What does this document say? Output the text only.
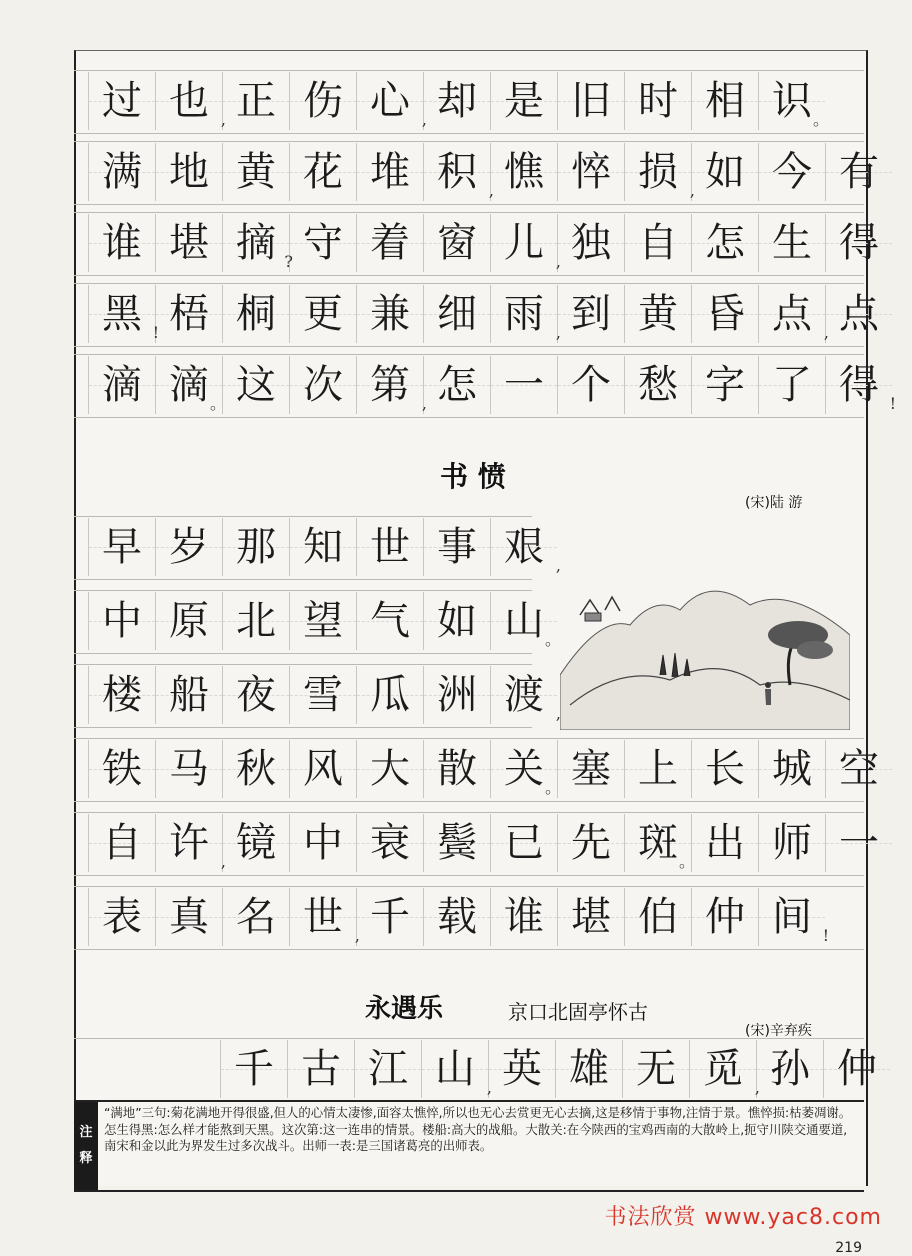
过 也 , 正 伤 心 , 却 是 旧 时 相 识 。
满 地 黄 花 堆 积 , 憔 悴 损 , 如 今 有
谁 堪 摘 ? 守 着 窗 儿 , 独 自 怎 生 得
黑 ! 梧 桐 更 兼 细 雨 , 到 黄 昏 点 , 点
滴 滴 。 这 次 第 , 怎 一 个 愁 字 了 得 !
书 愤
(宋)陆 游
早 岁 那 知 世 事 艰 ,
中 原 北 望 气 如 山 。
楼 船 夜 雪 瓜 洲 渡 ,
铁 马 秋 风 大 散 关 。 塞 上 长 城 空
自 许 , 镜 中 衰 鬓 已 先 斑 。 出 师 一
表 真 名 世 , 千 载 谁 堪 伯 仲 间 !
永遇乐	京口北固亭怀古
(宋)辛弃疾
千 古 江 山 , 英 雄 无 觅 , 孙 仲
注
释
“满地”三句:菊花满地开得很盛,但人的心情太凄惨,面容太憔悴,所以也无心去赏更无心去摘,这是移情于事物,注情于景。憔悴损:枯萎凋谢。怎生得黑:怎么样才能熬到天黑。这次第:这一连串的情景。楼船:高大的战船。大散关:在今陕西的宝鸡西南的大散岭上,扼守川陕交通要道,南宋和金以此为界发生过多次战斗。出师一表:是三国诸葛亮的出师表。
书法欣赏 www.yac8.com
219
